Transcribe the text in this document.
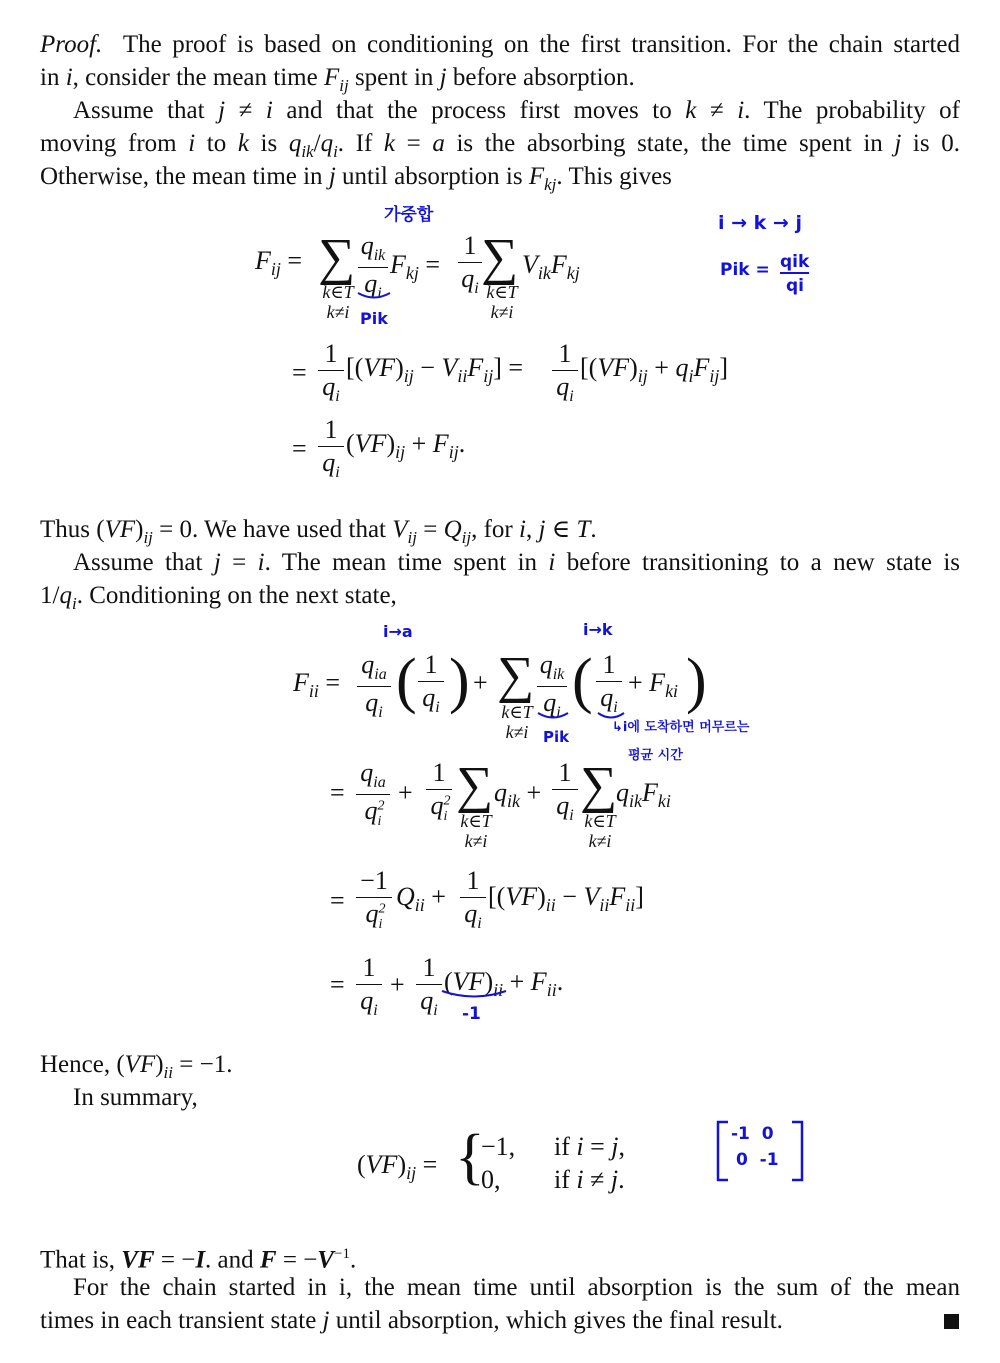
Proof.  The proof is based on conditioning on the first transition. For the chain started
in i, consider the mean time $F_{ij}$ spent in j before absorption.
Assume that j ≠ i and that the process first moves to k ≠ i. The probability of
moving from i to k is $q_{ik}/q_i$. If k = a is the absorbing state, the time spent in j is 0.
Otherwise, the mean time in j until absorption is $F_{kj}$. This gives
$F_{ij}$ = ∑
k∈T
k≠i
$q_{ik}$
$q_i$
$F_{kj}$ =
1
$q_i$
∑
k∈T
k≠i
$V_{ik}F_{kj}$
=
1
$q_i$
$[(VF)_{ij} - V_{ii}F_{ij}] = 1$
$q_i$
$[(VF)_{ij} + q_iF_{ij}]$
=
1
$q_i$
$(VF)_{ij} + F_{ij}$.
가중합	i → k → j
Pik = qik
qi
Pik
Thus $(VF)_{ij} = 0$. We have used that $V_{ij} = Q_{ij}$, for i, j ∈ T.
Assume that j = i. The mean time spent in i before transitioning to a new state is
$1/q_i$. Conditioning on the next state,
$F_{ii}$ =
$q_{ia}$
$q_i$ ( 1
$q_i$ ) + ∑
k∈T
k≠i
$q_{ik}$
$q_i$ ( 1
$q_i$
+ $F_{ki}$ )
=
$q_{ia}$
$q^2_i$
+
1
$q^2_i$
∑
k∈T
k≠i
$q_{ik}$ +
1
$q_i$
∑
k∈T
k≠i
$q_{ik}F_{ki}$
=
−1
$q^2_i$
$Q_{ii}$ +
1
$q_i$
$[(VF)_{ii} - V_{ii}F_{ii}]$
=
1
$q_i$
+
1
$q_i$
$(VF)_{ii} + F_{ii}$.
i→a	i→k
Pik
↳i에 도착하면 머무르는
평균 시간
-1
Hence, $(VF)_{ii} = -1$.
In summary,
$(VF)_{ij}$ = {
−1,
0,
if i = j,
if i ≠ j.
-1  0
0  -1
That is, VF = −I. and $F = -V^{-1}$.
For the chain started in i, the mean time until absorption is the sum of the mean
times in each transient state j until absorption, which gives the final result.
